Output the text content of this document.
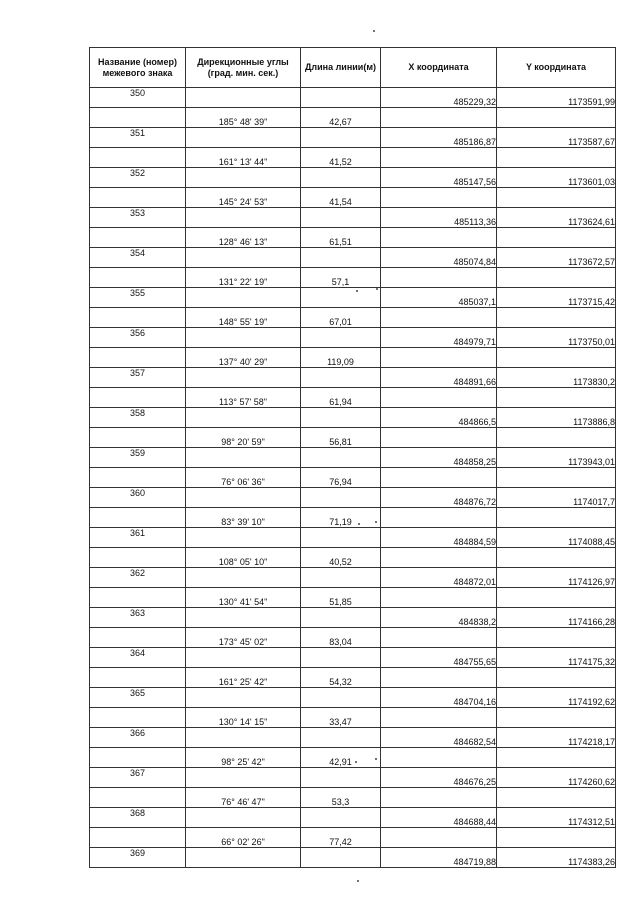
Название (номер) межевого знака	Дирекционные углы (град. мин. сек.)	Длина линии(м)	X координата	Y координата
350			485229,32	1173591,99
	185° 48' 39"	42,67		
351			485186,87	1173587,67
	161° 13' 44"	41,52		
352			485147,56	1173601,03
	145° 24' 53"	41,54		
353			485113,36	1173624,61
	128° 46' 13"	61,51		
354			485074,84	1173672,57
	131° 22' 19"	57,1		
355			485037,1	1173715,42
	148° 55' 19"	67,01		
356			484979,71	1173750,01
	137° 40' 29"	119,09		
357			484891,66	1173830,2
	113° 57' 58"	61,94		
358			484866,5	1173886,8
	98° 20' 59"	56,81		
359			484858,25	1173943,01
	76° 06' 36"	76,94		
360			484876,72	1174017,7
	83° 39' 10"	71,19		
361			484884,59	1174088,45
	108° 05' 10"	40,52		
362			484872,01	1174126,97
	130° 41' 54"	51,85		
363			484838,2	1174166,28
	173° 45' 02"	83,04		
364			484755,65	1174175,32
	161° 25' 42"	54,32		
365			484704,16	1174192,62
	130° 14' 15"	33,47		
366			484682,54	1174218,17
	98° 25' 42"	42,91		
367			484676,25	1174260,62
	76° 46' 47"	53,3		
368			484688,44	1174312,51
	66° 02' 26"	77,42		
369			484719,88	1174383,26
